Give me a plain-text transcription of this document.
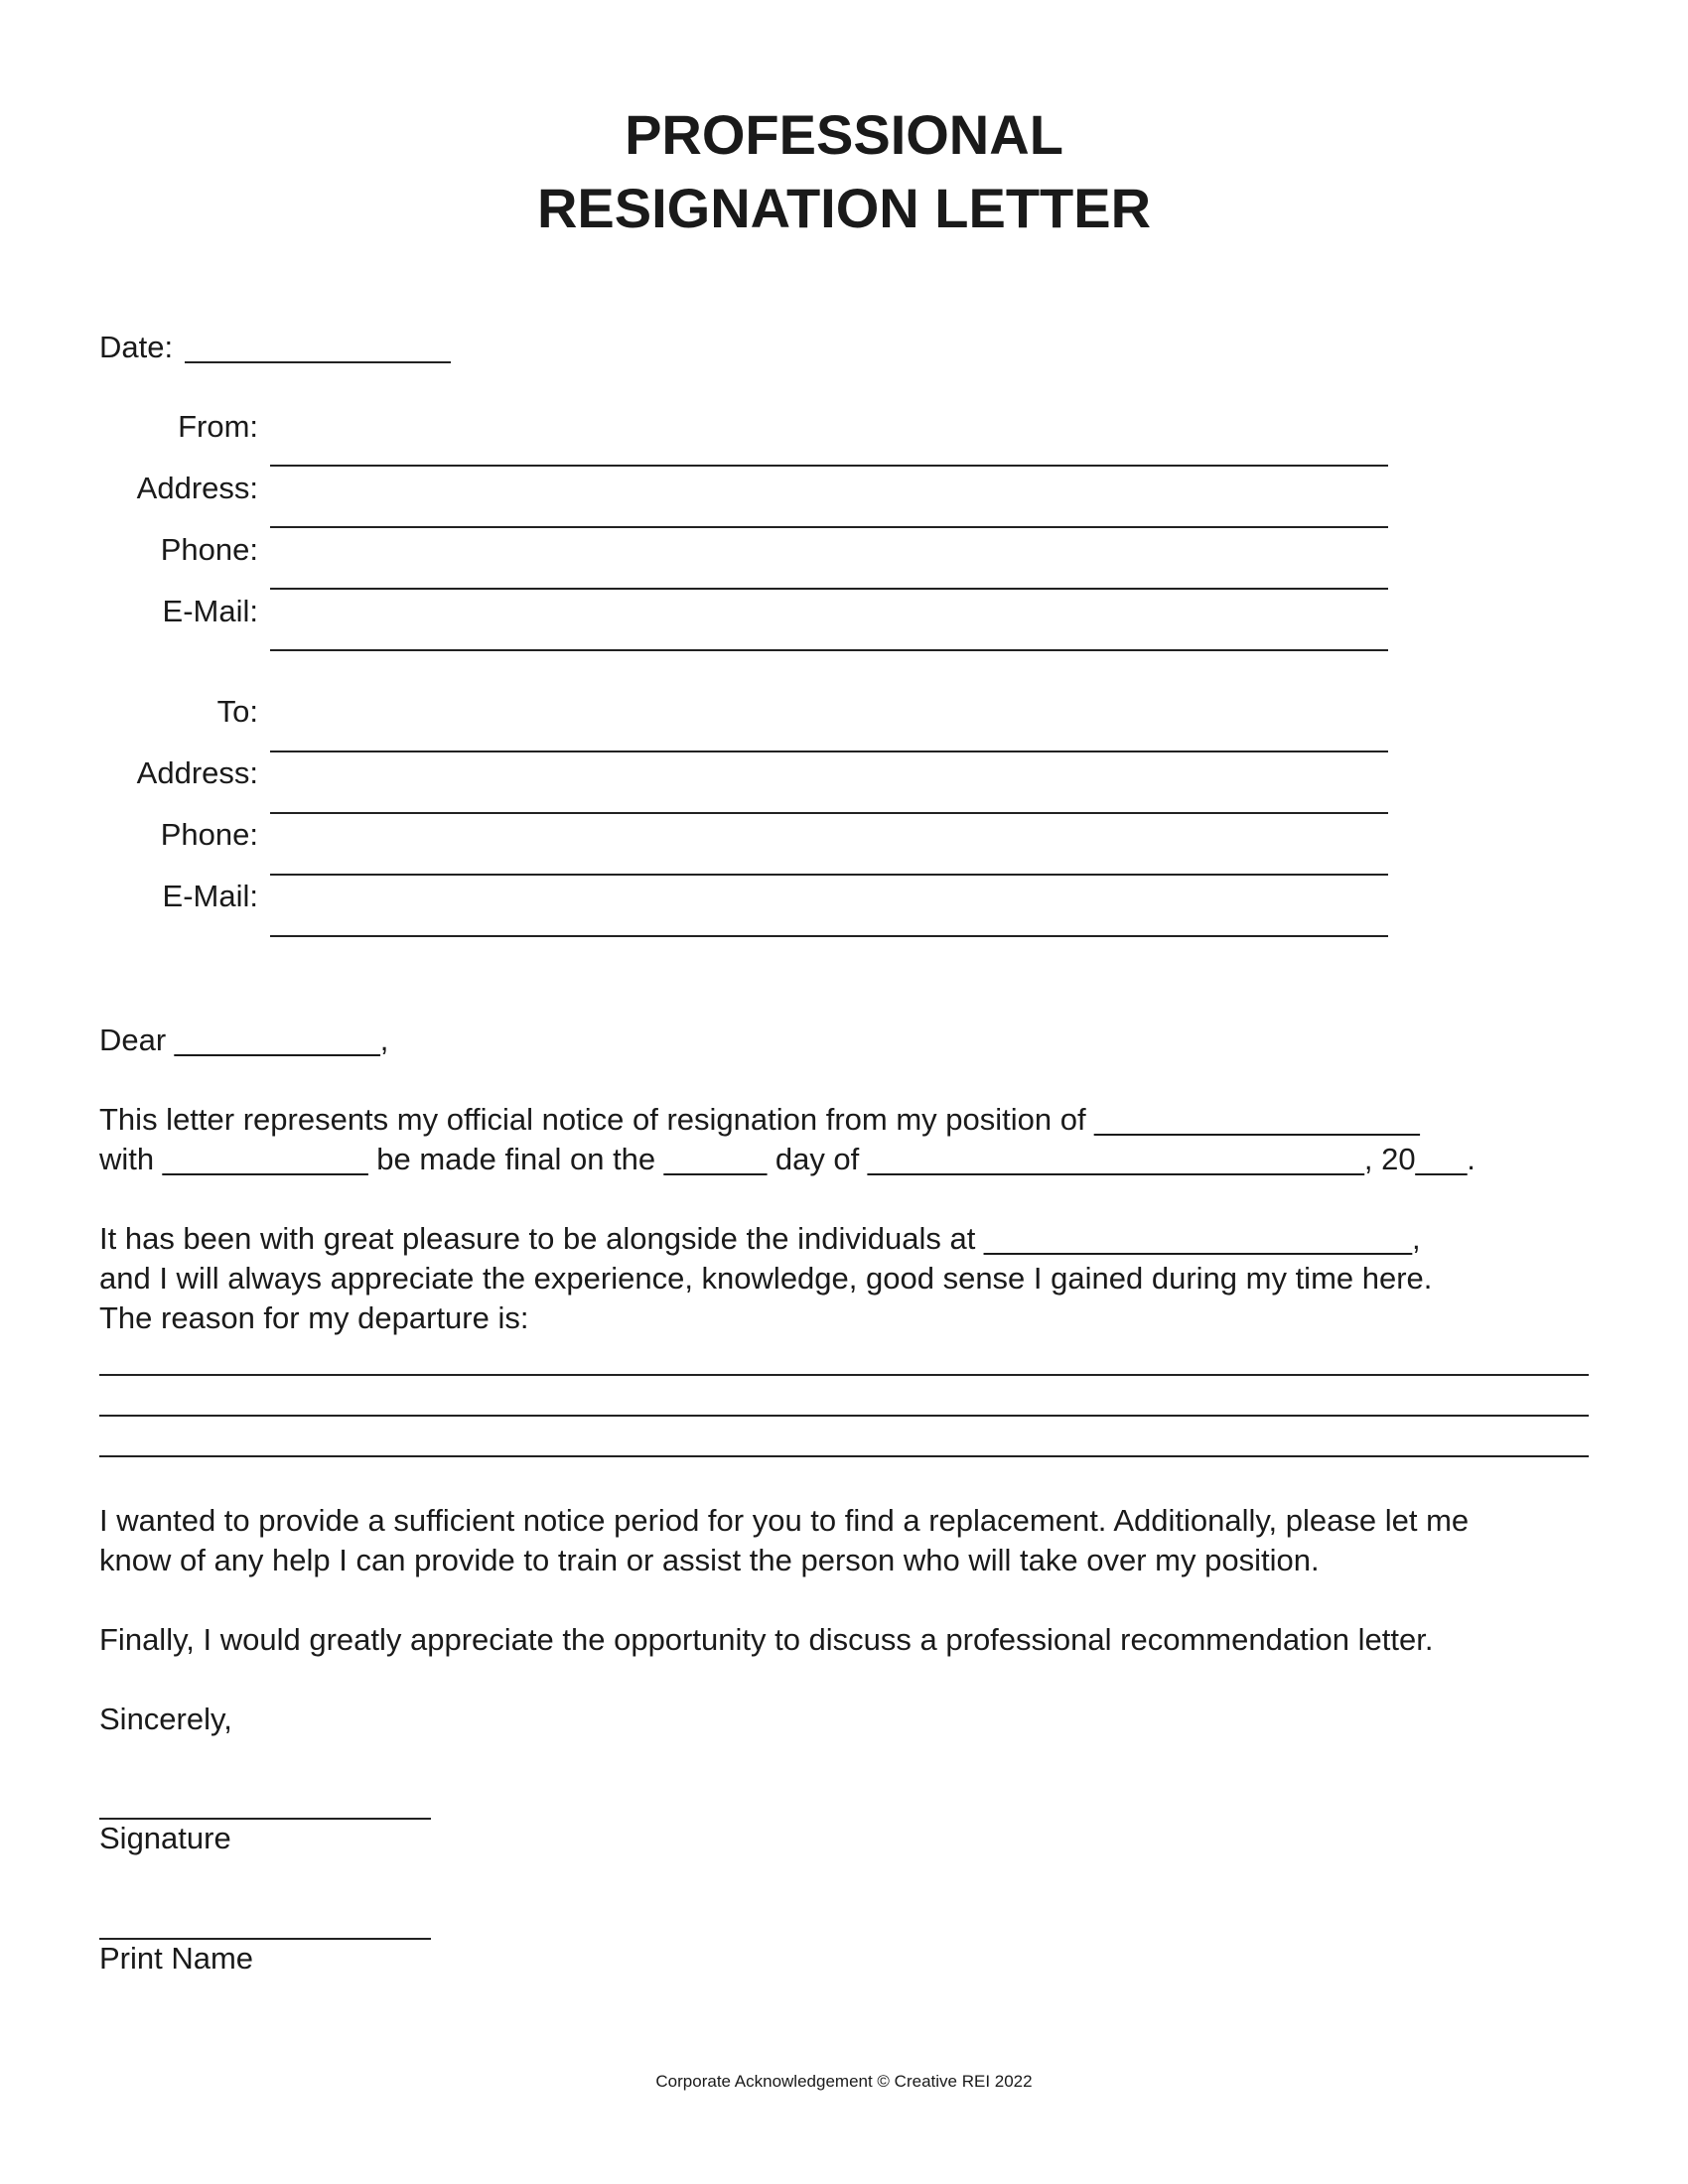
PROFESSIONAL
RESIGNATION LETTER
Date:
From:
Address:
Phone:
E-Mail:
To:
Address:
Phone:
E-Mail:
Dear ____________,
This letter represents my official notice of resignation from my position of ___________________
with ____________ be made final on the ______ day of _____________________________, 20___.
It has been with great pleasure to be alongside the individuals at _________________________,
and I will always appreciate the experience, knowledge, good sense I gained during my time here.
The reason for my departure is:
I wanted to provide a sufficient notice period for you to find a replacement. Additionally, please let me
know of any help I can provide to train or assist the person who will take over my position.
Finally, I would greatly appreciate the opportunity to discuss a professional recommendation letter.
Sincerely,
Signature
Print Name
Corporate Acknowledgement © Creative REI 2022
